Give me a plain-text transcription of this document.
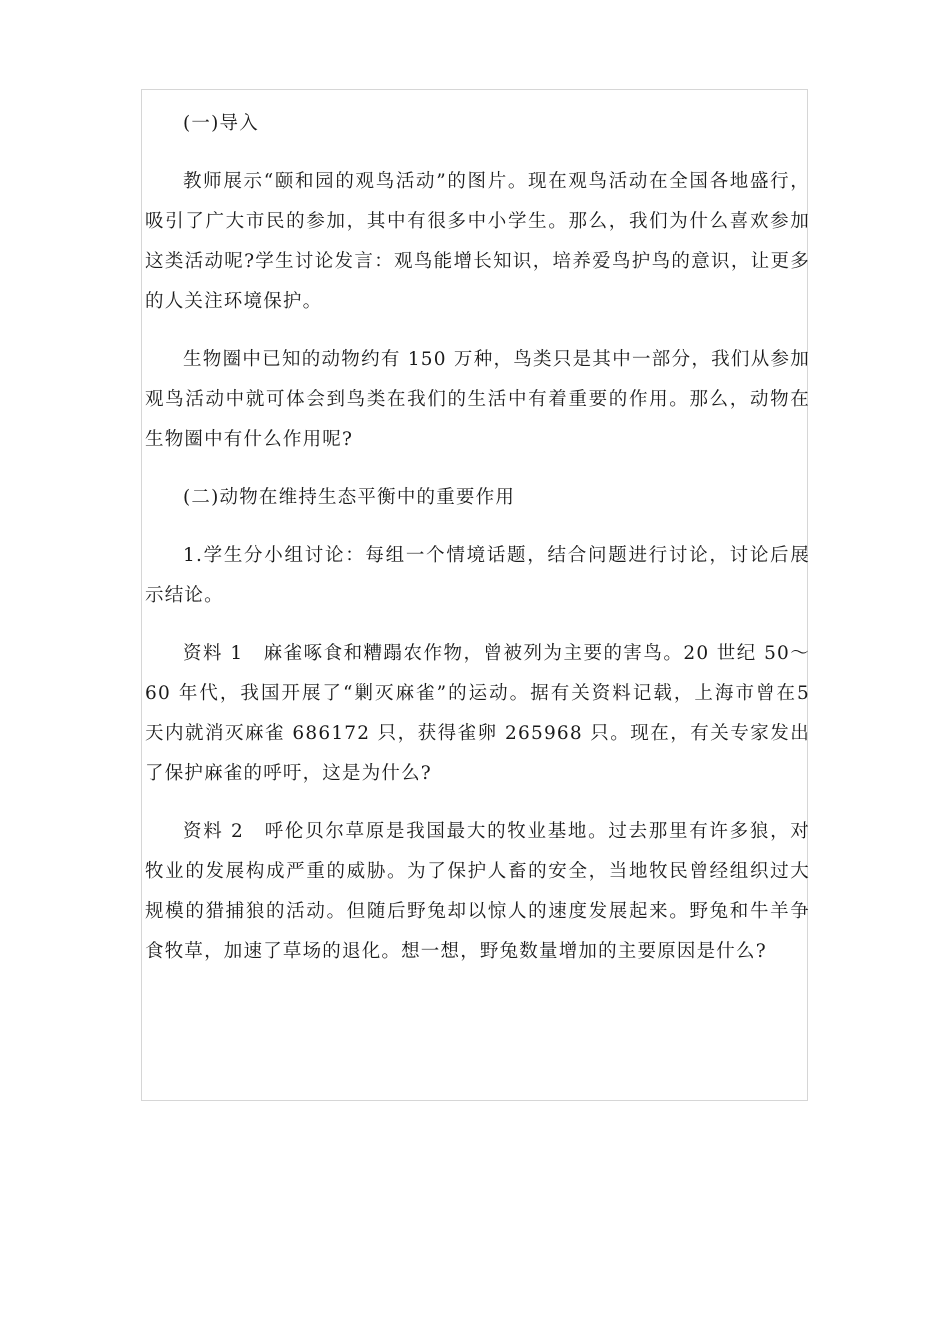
(一)导入

教师展示“颐和园的观鸟活动”的图片。现在观鸟活动在全国各地盛行，吸引了广大市民的参加，其中有很多中小学生。那么，我们为什么喜欢参加这类活动呢?学生讨论发言：观鸟能增长知识，培养爱鸟护鸟的意识，让更多的人关注环境保护。

生物圈中已知的动物约有 150 万种，鸟类只是其中一部分，我们从参加观鸟活动中就可体会到鸟类在我们的生活中有着重要的作用。那么，动物在生物圈中有什么作用呢?

(二)动物在维持生态平衡中的重要作用

1.学生分小组讨论：每组一个情境话题，结合问题进行讨论，讨论后展示结论。

资料 1　麻雀啄食和糟蹋农作物，曾被列为主要的害鸟。20 世纪 50～60 年代，我国开展了“剿灭麻雀”的运动。据有关资料记载，上海市曾在5 天内就消灭麻雀 686172 只，获得雀卵 265968 只。现在，有关专家发出了保护麻雀的呼吁，这是为什么?

资料 2　呼伦贝尔草原是我国最大的牧业基地。过去那里有许多狼，对牧业的发展构成严重的威胁。为了保护人畜的安全，当地牧民曾经组织过大规模的猎捕狼的活动。但随后野兔却以惊人的速度发展起来。野兔和牛羊争食牧草，加速了草场的退化。想一想，野兔数量增加的主要原因是什么?
